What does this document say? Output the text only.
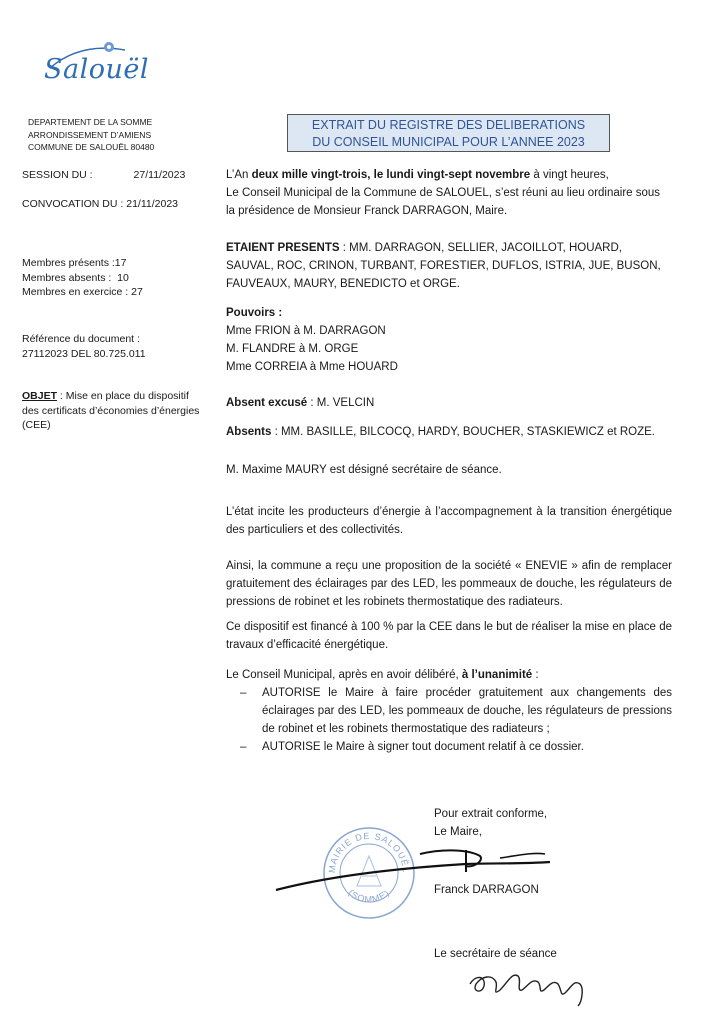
Salouël
DEPARTEMENT DE LA SOMME
ARRONDISSEMENT D’AMIENS
COMMUNE DE SALOUËL 80480
EXTRAIT DU REGISTRE DES DELIBERATIONS
DU CONSEIL MUNICIPAL POUR L’ANNEE 2023
SESSION DU :	27/11/2023
CONVOCATION DU : 21/11/2023
Membres présents :17
Membres absents :  10
Membres en exercice : 27
Référence du document :
27112023 DEL 80.725.011
OBJET : Mise en place du dispositif des certificats d’économies d’énergies (CEE)
L’An deux mille vingt-trois, le lundi vingt-sept novembre à vingt heures,
Le Conseil Municipal de la Commune de SALOUEL, s’est réuni au lieu ordinaire sous la présidence de Monsieur Franck DARRAGON, Maire.
ETAIENT PRESENTS : MM. DARRAGON, SELLIER, JACOILLOT, HOUARD, SAUVAL, ROC, CRINON, TURBANT, FORESTIER, DUFLOS, ISTRIA, JUE, BUSON, FAUVEAUX, MAURY, BENEDICTO et ORGE.
Pouvoirs :
Mme FRION à M. DARRAGON
M. FLANDRE à M. ORGE
Mme CORREIA à Mme HOUARD
Absent excusé : M. VELCIN
Absents : MM. BASILLE, BILCOCQ, HARDY, BOUCHER, STASKIEWICZ et ROZE.
M. Maxime MAURY est désigné secrétaire de séance.
L’état incite les producteurs d’énergie à l’accompagnement à la transition énergétique des particuliers et des collectivités.
Ainsi, la commune a reçu une proposition de la société « ENEVIE » afin de remplacer gratuitement des éclairages par des LED, les pommeaux de douche, les régulateurs de pressions de robinet et les robinets thermostatique des radiateurs.
Ce dispositif est financé à 100 % par la CEE dans le but de réaliser la mise en place de travaux d’efficacité énergétique.
Le Conseil Municipal, après en avoir délibéré, à l’unanimité :
– AUTORISE le Maire à faire procéder gratuitement aux changements des éclairages par des LED, les pommeaux de douche, les régulateurs de pressions de robinet et les robinets thermostatique des radiateurs ;
– AUTORISE le Maire à signer tout document relatif à ce dossier.
Pour extrait conforme,
Le Maire,
MAIRIE DE SALOUËL
(SOMME)	Franck DARRAGON
Le secrétaire de séance
